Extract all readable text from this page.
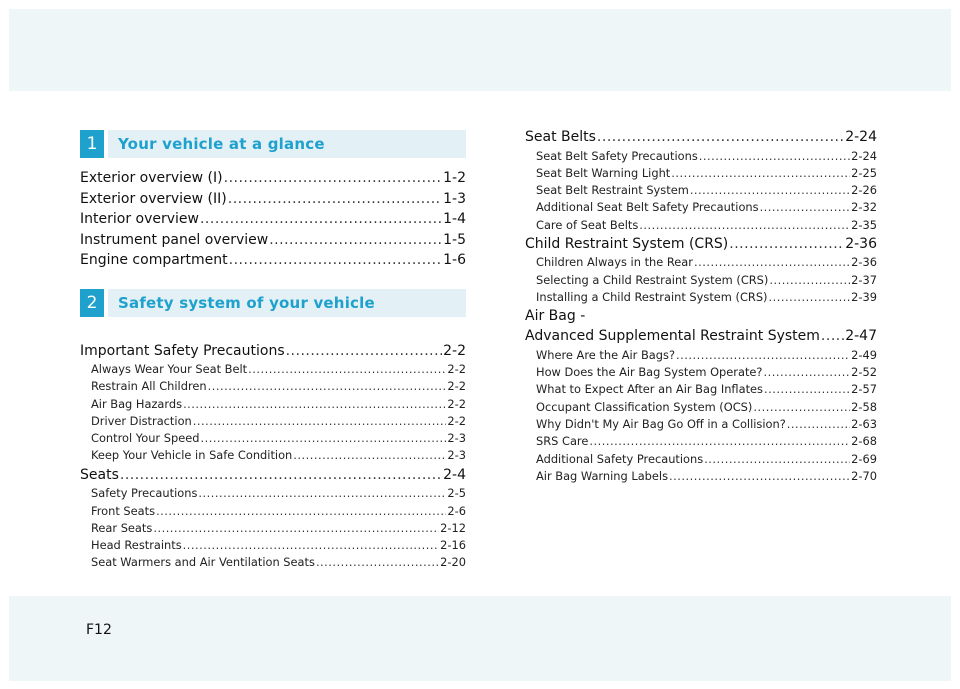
1	Your vehicle at a glance
Exterior overview (I) .....	1-2
Exterior overview (II) .....	1-3
Interior overview .....	1-4
Instrument panel overview .....	1-5
Engine compartment .....	1-6
2	Safety system of your vehicle
Important Safety Precautions .....	2-2
Always Wear Your Seat Belt .....	2-2
Restrain All Children .....	2-2
Air Bag Hazards .....	2-2
Driver Distraction .....	2-2
Control Your Speed .....	2-3
Keep Your Vehicle in Safe Condition .....	2-3
Seats .....	2-4
Safety Precautions .....	2-5
Front Seats .....	2-6
Rear Seats .....	2-12
Head Restraints .....	2-16
Seat Warmers and Air Ventilation Seats .....	2-20
Seat Belts .....	2-24
Seat Belt Safety Precautions .....	2-24
Seat Belt Warning Light .....	2-25
Seat Belt Restraint System .....	2-26
Additional Seat Belt Safety Precautions .....	2-32
Care of Seat Belts .....	2-35
Child Restraint System (CRS) .....	2-36
Children Always in the Rear .....	2-36
Selecting a Child Restraint System (CRS) .....	2-37
Installing a Child Restraint System (CRS) .....	2-39
Air Bag -
Advanced Supplemental Restraint System ..... 2-47
Where Are the Air Bags? .....	2-49
How Does the Air Bag System Operate? .....	2-52
What to Expect After an Air Bag Inflates .....	2-57
Occupant Classification System (OCS) .....	2-58
Why Didn't My Air Bag Go Off in a Collision? .....	2-63
SRS Care .....	2-68
Additional Safety Precautions .....	2-69
Air Bag Warning Labels .....	2-70
F12
